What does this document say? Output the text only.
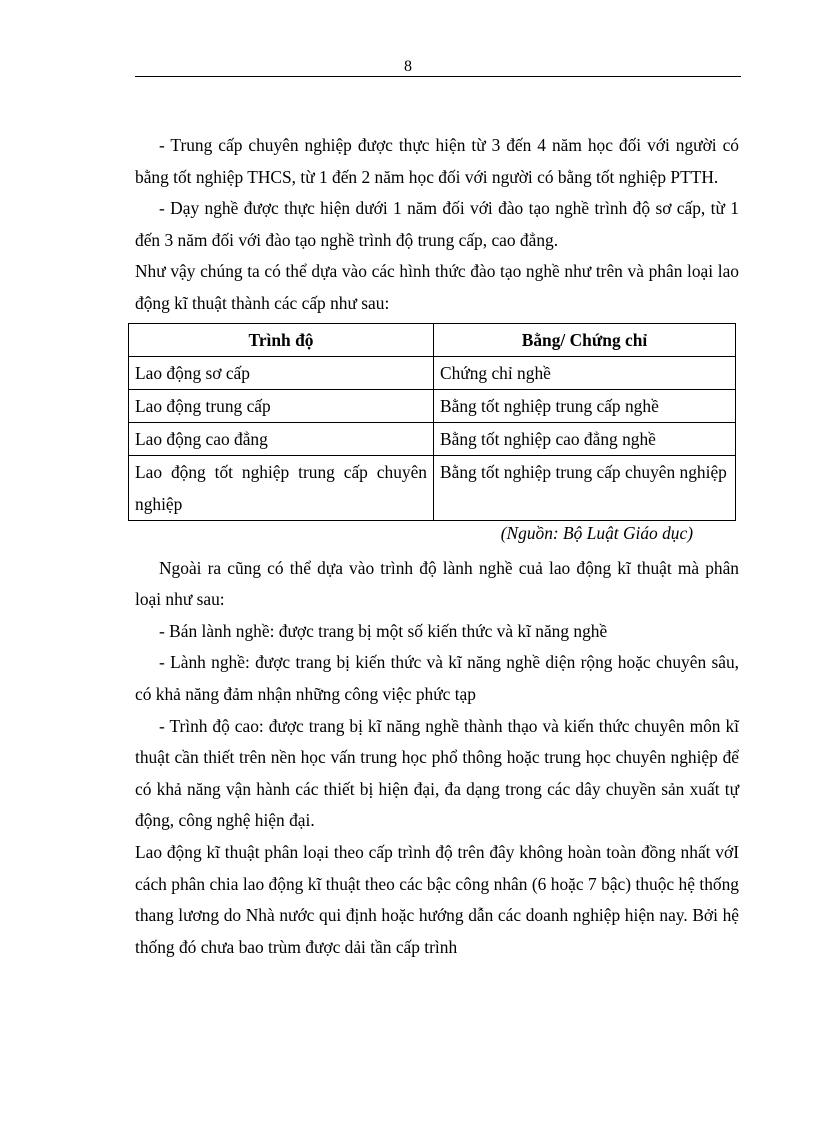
8

- Trung cấp chuyên nghiệp được thực hiện từ 3 đến 4 năm học đối với người có bằng tốt nghiệp THCS, từ 1 đến 2 năm học đối với người có bằng tốt nghiệp PTTH.

- Dạy nghề được thực hiện dưới 1 năm đối với đào tạo nghề trình độ sơ cấp, từ 1 đến 3 năm đối với đào tạo nghề trình độ trung cấp, cao đẳng.

Như vậy chúng ta có thể dựa vào các hình thức đào tạo nghề như trên và phân loại lao động kĩ thuật thành các cấp như sau:

Trình độ	Bằng/ Chứng chỉ
Lao động sơ cấp	Chứng chỉ nghề
Lao động trung cấp	Bằng tốt nghiệp trung cấp nghề
Lao động cao đẳng	Bằng tốt nghiệp cao đẳng nghề
Lao động tốt nghiệp trung cấp chuyên nghiệp	Bằng tốt nghiệp trung cấp chuyên nghiệp

(Nguồn: Bộ Luật Giáo dục)

Ngoài ra cũng có thể dựa vào trình độ lành nghề cuả lao động kĩ thuật mà phân loại như sau:

- Bán lành nghề: được trang bị một số kiến thức và kĩ năng nghề

- Lành nghề: được trang bị kiến thức và kĩ năng nghề diện rộng hoặc chuyên sâu, có khả năng đảm nhận những công việc phức tạp

- Trình độ cao: được trang bị kĩ năng nghề thành thạo và kiến thức chuyên môn kĩ thuật cần thiết trên nền học vấn trung học phổ thông hoặc trung học chuyên nghiệp để có khả năng vận hành các thiết bị hiện đại, đa dạng trong các dây chuyền sản xuất tự động, công nghệ hiện đại.

Lao động kĩ thuật phân loại theo cấp trình độ trên đây không hoàn toàn đồng nhất vớI cách phân chia lao động kĩ thuật theo các bậc công nhân (6 hoặc 7 bậc) thuộc hệ thống thang lương do Nhà nước qui định hoặc hướng dẫn các doanh nghiệp hiện nay. Bởi hệ thống đó chưa bao trùm được dải tần cấp trình
